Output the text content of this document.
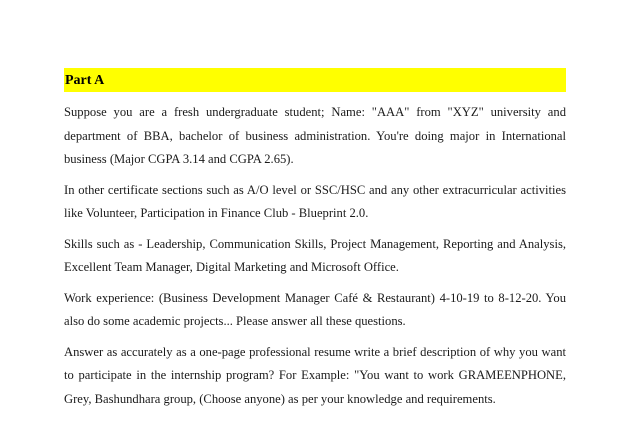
Part A

Suppose you are a fresh undergraduate student; Name: "AAA" from "XYZ" university and department of BBA, bachelor of business administration. You're doing major in International business (Major CGPA 3.14 and CGPA 2.65).

In other certificate sections such as A/O level or SSC/HSC and any other extracurricular activities like Volunteer, Participation in Finance Club - Blueprint 2.0.

Skills such as - Leadership, Communication Skills, Project Management, Reporting and Analysis, Excellent Team Manager, Digital Marketing and Microsoft Office.

Work experience: (Business Development Manager Café & Restaurant) 4-10-19 to 8-12-20. You also do some academic projects... Please answer all these questions.

Answer as accurately as a one-page professional resume write a brief description of why you want to participate in the internship program? For Example: "You want to work GRAMEENPHONE, Grey, Bashundhara group, (Choose anyone) as per your knowledge and requirements.
